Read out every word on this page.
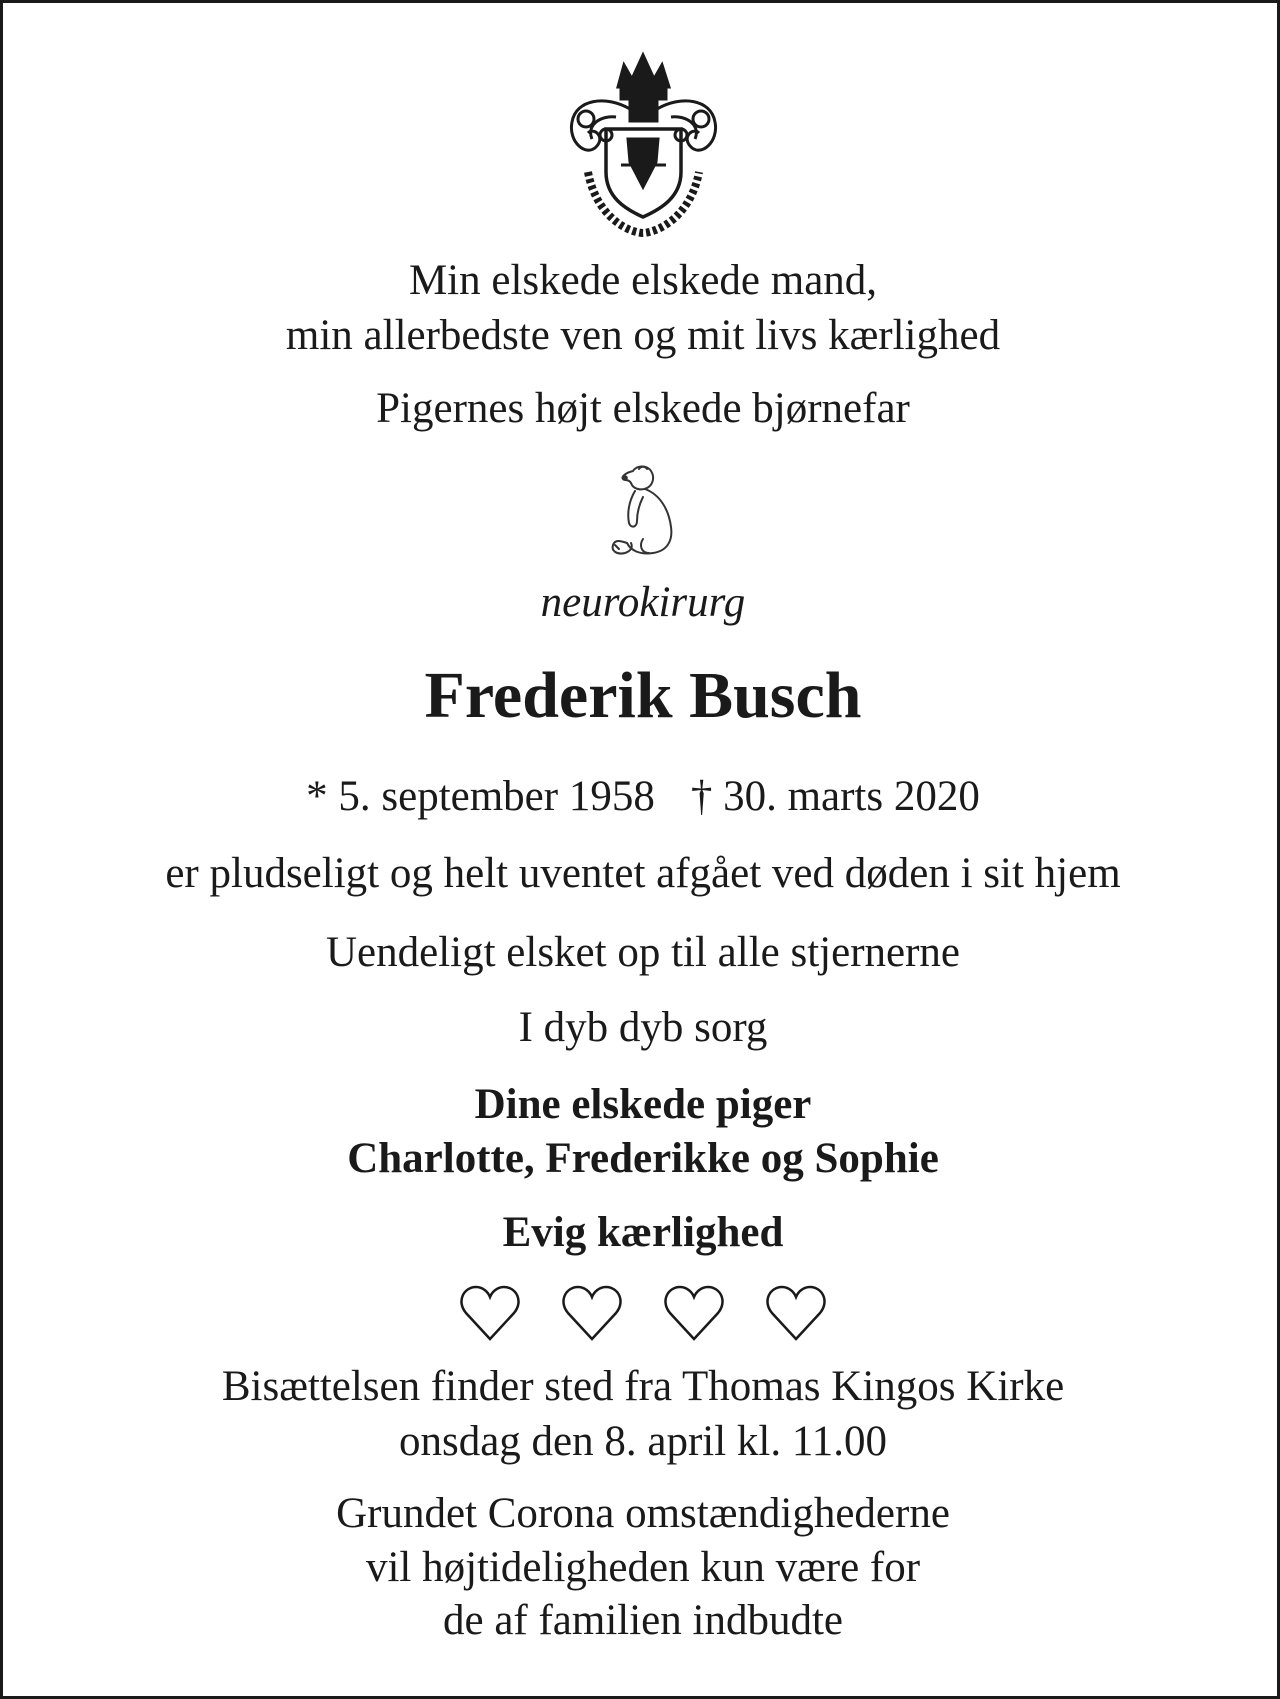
Min elskede elskede mand,
min allerbedste ven og mit livs kærlighed
Pigernes højt elskede bjørnefar
neurokirurg
Frederik Busch
* 5. september 1958 † 30. marts 2020
er pludseligt og helt uventet afgået ved døden i sit hjem
Uendeligt elsket op til alle stjernerne
I dyb dyb sorg
Dine elskede piger
Charlotte, Frederikke og Sophie
Evig kærlighed
Bisættelsen finder sted fra Thomas Kingos Kirke
onsdag den 8. april kl. 11.00
Grundet Corona omstændighederne
vil højtideligheden kun være for
de af familien indbudte
